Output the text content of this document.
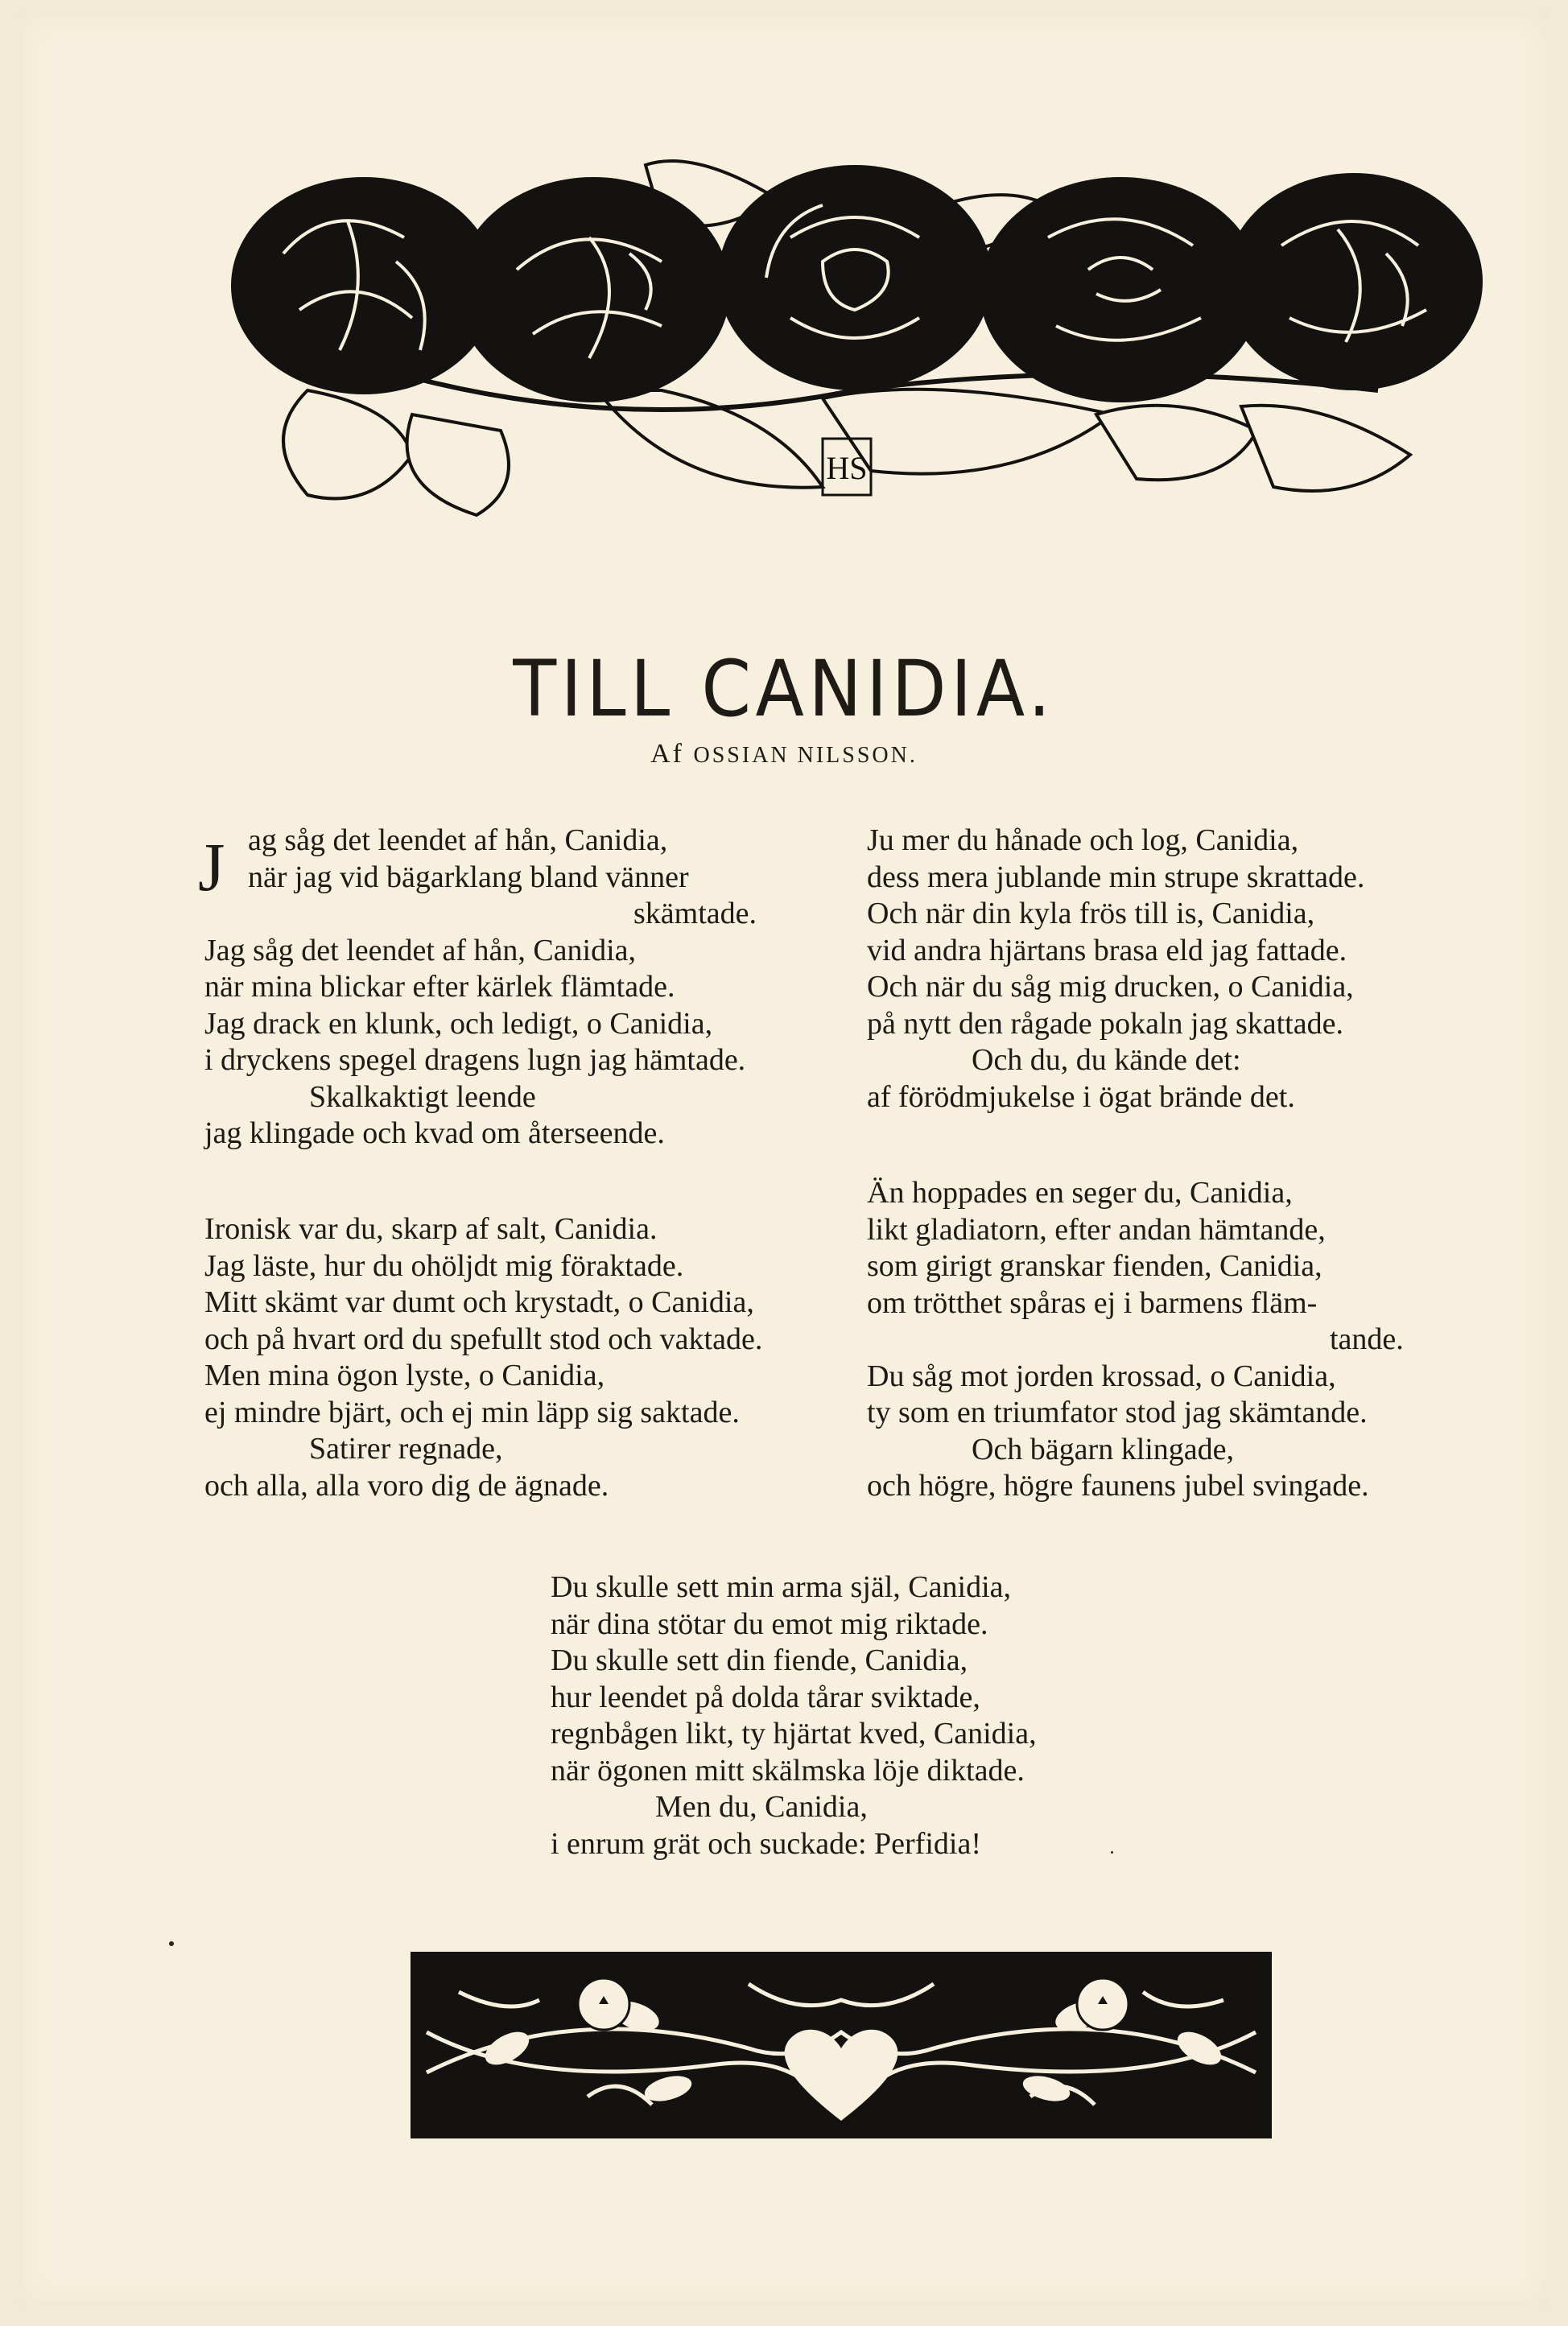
HS
TILL CANIDIA.
Af OSSIAN NILSSON.
J ag såg det leendet af hån, Canidia,
när jag vid bägarklang bland vänner
skämtade.
Jag såg det leendet af hån, Canidia,
när mina blickar efter kärlek flämtade.
Jag drack en klunk, och ledigt, o Canidia,
i dryckens spegel dragens lugn jag hämtade.
Skalkaktigt leende
jag klingade och kvad om återseende.
Ju mer du hånade och log, Canidia,
dess mera jublande min strupe skrattade.
Och när din kyla frös till is, Canidia,
vid andra hjärtans brasa eld jag fattade.
Och när du såg mig drucken, o Canidia,
på nytt den rågade pokaln jag skattade.
Och du, du kände det:
af förödmjukelse i ögat brände det.
Ironisk var du, skarp af salt, Canidia.
Jag läste, hur du ohöljdt mig föraktade.
Mitt skämt var dumt och krystadt, o Canidia,
och på hvart ord du spefullt stod och vaktade.
Men mina ögon lyste, o Canidia,
ej mindre bjärt, och ej min läpp sig saktade.
Satirer regnade,
och alla, alla voro dig de ägnade.
Än hoppades en seger du, Canidia,
likt gladiatorn, efter andan hämtande,
som girigt granskar fienden, Canidia,
om trötthet spåras ej i barmens fläm-
tande.
Du såg mot jorden krossad, o Canidia,
ty som en triumfator stod jag skämtande.
Och bägarn klingade,
och högre, högre faunens jubel svingade.
Du skulle sett min arma själ, Canidia,
när dina stötar du emot mig riktade.
Du skulle sett din fiende, Canidia,
hur leendet på dolda tårar sviktade,
regnbågen likt, ty hjärtat kved, Canidia,
när ögonen mitt skälmska löje diktade.
Men du, Canidia,
i enrum grät och suckade: Perfidia!
